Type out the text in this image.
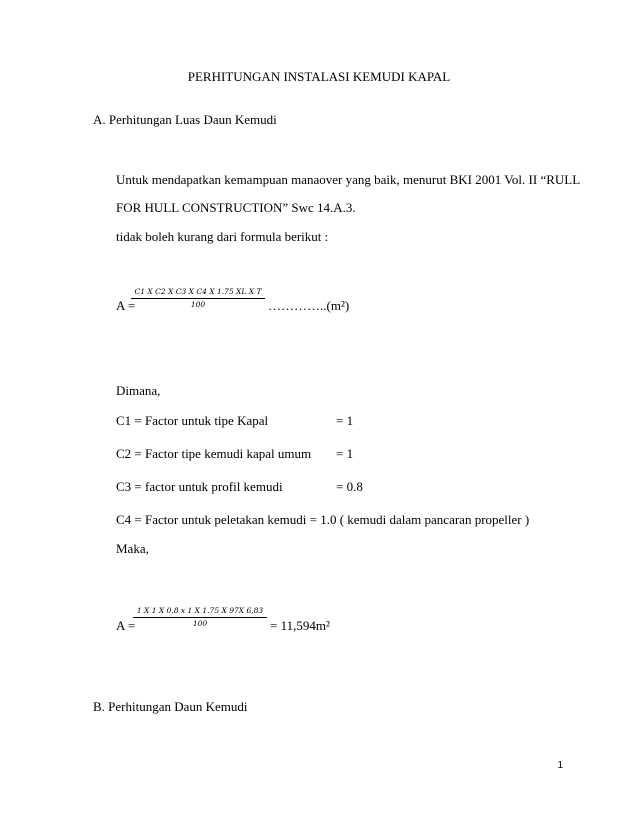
PERHITUNGAN INSTALASI KEMUDI KAPAL
A. Perhitungan Luas Daun Kemudi
Untuk mendapatkan kemampuan manaover yang baik, menurut BKI 2001 Vol. II “RULL
FOR HULL CONSTRUCTION” Swc 14.A.3.
tidak boleh kurang dari formula berikut :
C1 X C2 X C3 X C4 X 1.75 XL X T
100
A =	…………..(m²)
Dimana,
C1 = Factor untuk tipe Kapal	= 1
C2 = Factor tipe kemudi kapal umum = 1
C3 = factor untuk profil kemudi	= 0.8
C4 = Factor untuk peletakan kemudi = 1.0 ( kemudi dalam pancaran propeller )
Maka,
1 X 1 X 0.8 x 1 X 1.75 X 97X 6,83
100
A =	= 11,594m²
B. Perhitungan Daun Kemudi
1
